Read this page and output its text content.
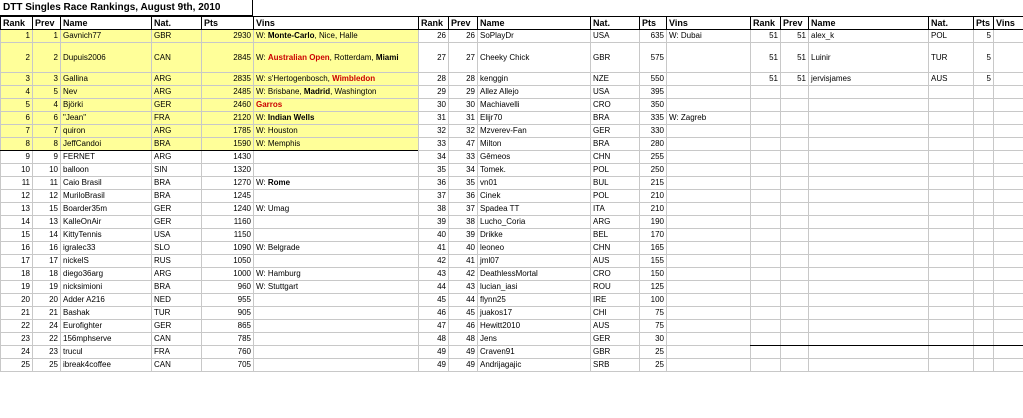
DTT Singles Race Rankings, August 9th, 2010
Rank	Prev	Name	Nat.	Pts	Vins
1	1	Gavnich77	GBR	2930	W: Monte-Carlo, Nice, Halle
2	2	Dupuis2006	CAN	2845	W: Australian Open, Rotterdam, Miami
3	3	Gallina	ARG	2835	W: s'Hertogenbosch, Wimbledon
4	5	Nev	ARG	2485	W: Brisbane, Madrid, Washington
5	4	Björki	GER	2460	Garros
6	6	"Jean"	FRA	2120	W: Indian Wells
7	7	quiron	ARG	1785	W: Houston
8	8	JeffCandoi	BRA	1590	W: Memphis
9	9	FERNET	ARG	1430	
10	10	balloon	SIN	1320	
11	11	Caio Brasil	BRA	1270	W: Rome
12	12	MuriloBrasil	BRA	1245	
13	15	Boarder35m	GER	1240	W: Umag
14	13	KalleOnAir	GER	1160	
15	14	KittyTennis	USA	1150	
16	16	igralec33	SLO	1090	W: Belgrade
17	17	nickelS	RUS	1050	
18	18	diego36arg	ARG	1000	W: Hamburg
19	19	nicksimioni	BRA	960	W: Stuttgart
20	20	Adder A216	NED	955	
21	21	Bashak	TUR	905	
22	24	Eurofighter	GER	865	
23	22	156mphserve	CAN	785	
24	23	trucul	FRA	760	
25	25	ibreak4coffee	CAN	705	
Rank	Prev	Name	Nat.	Pts	Vins
26	26	SoPlayDr	USA	635	W: Dubai
27	27	Cheeky Chick	GBR	575	
28	28	kenggin	NZE	550	
29	29	Allez Allejo	USA	395	
30	30	Machiavelli	CRO	350	
31	31	Elijr70	BRA	335	W: Zagreb
32	32	Mzverev-Fan	GER	330	
33	47	Milton	BRA	280	
34	33	Gêmeos	CHN	255	
35	34	Tomek.	POL	250	
36	35	vn01	BUL	215	
37	36	Cinek	POL	210	
38	37	Spadea TT	ITA	210	
39	38	Lucho_Coria	ARG	190	
40	39	Drikke	BEL	170	
41	40	leoneo	CHN	165	
42	41	jml07	AUS	155	
43	42	DeathlessMortal	CRO	150	
44	43	lucian_iasi	ROU	125	
45	44	flynn25	IRE	100	
46	45	juakos17	CHI	75	
47	46	Hewitt2010	AUS	75	
48	48	Jens	GER	30	
49	49	Craven91	GBR	25	
49	49	Andrijagajic	SRB	25	
Rank	Prev	Name	Nat.	Pts	Vins
51	51	alex_k	POL	5	
51	51	Luinir	TUR	5	
51	51	jervisjames	AUS	5	
